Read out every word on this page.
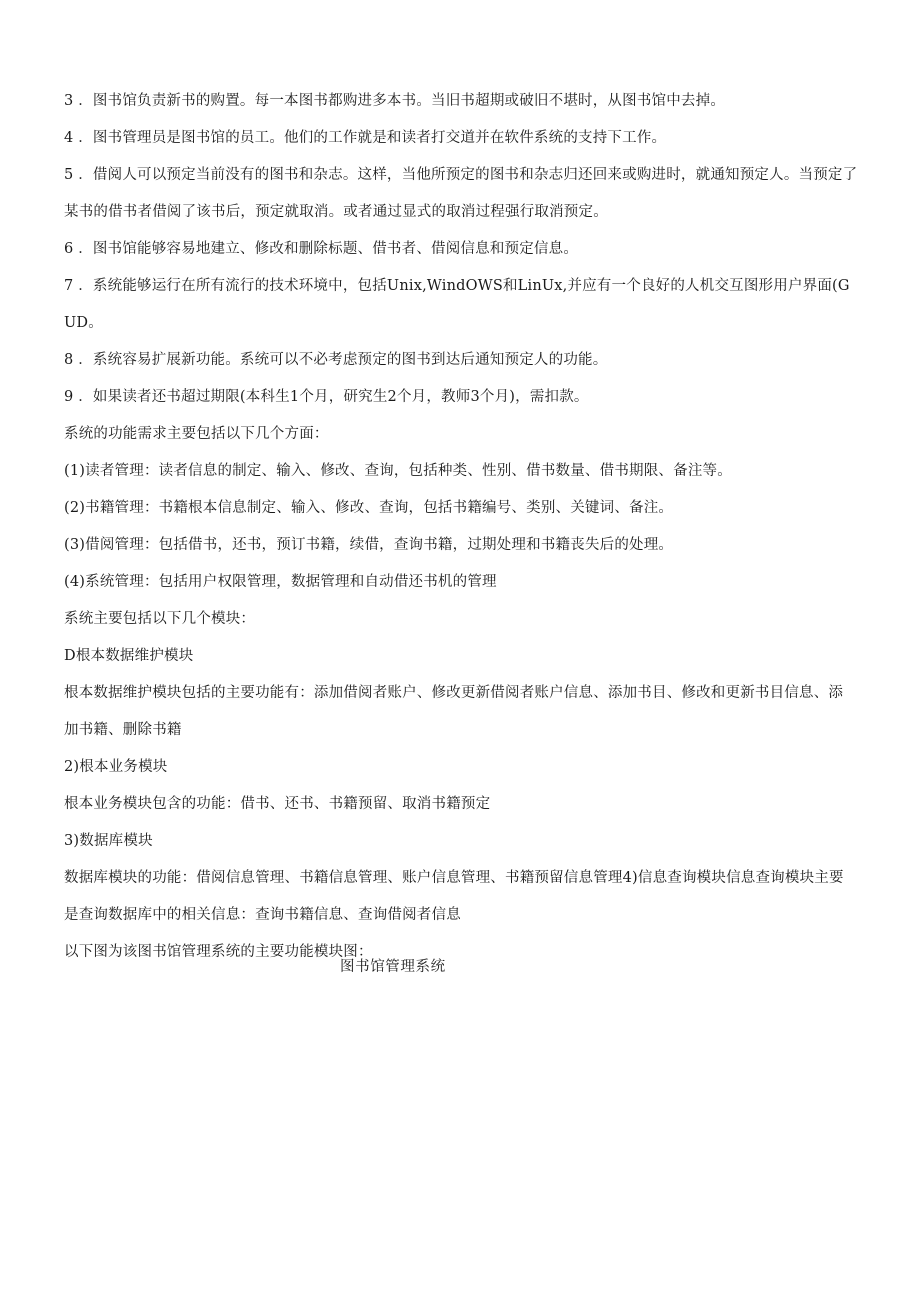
3 ．图书馆负责新书的购置。每一本图书都购进多本书。当旧书超期或破旧不堪时，从图书馆中去掉。
4 ．图书管理员是图书馆的员工。他们的工作就是和读者打交道并在软件系统的支持下工作。
5 ．借阅人可以预定当前没有的图书和杂志。这样，当他所预定的图书和杂志归还回来或购进时，就通知预定人。当预定了某书的借书者借阅了该书后，预定就取消。或者通过显式的取消过程强行取消预定。
6 ．图书馆能够容易地建立、修改和删除标题、借书者、借阅信息和预定信息。
7 ．系统能够运行在所有流行的技术环境中，包括Unix,WindOWS和LinUx,并应有一个良好的人机交互图形用户界面(GUD。
8 ．系统容易扩展新功能。系统可以不必考虑预定的图书到达后通知预定人的功能。
9 ．如果读者还书超过期限(本科生1个月，研究生2个月，教师3个月)，需扣款。
系统的功能需求主要包括以下几个方面：
(1)读者管理：读者信息的制定、输入、修改、查询，包括种类、性别、借书数量、借书期限、备注等。
(2)书籍管理：书籍根本信息制定、输入、修改、查询，包括书籍编号、类别、关键词、备注。
(3)借阅管理：包括借书，还书，预订书籍，续借，查询书籍，过期处理和书籍丧失后的处理。
(4)系统管理：包括用户权限管理，数据管理和自动借还书机的管理
系统主要包括以下几个模块：
D根本数据维护模块
根本数据维护模块包括的主要功能有：添加借阅者账户、修改更新借阅者账户信息、添加书目、修改和更新书目信息、添加书籍、删除书籍
2)根本业务模块
根本业务模块包含的功能：借书、还书、书籍预留、取消书籍预定
3)数据库模块
数据库模块的功能：借阅信息管理、书籍信息管理、账户信息管理、书籍预留信息管理4)信息查询模块信息查询模块主要是查询数据库中的相关信息：查询书籍信息、查询借阅者信息
以下图为该图书馆管理系统的主要功能模块图：
图书馆管理系统
